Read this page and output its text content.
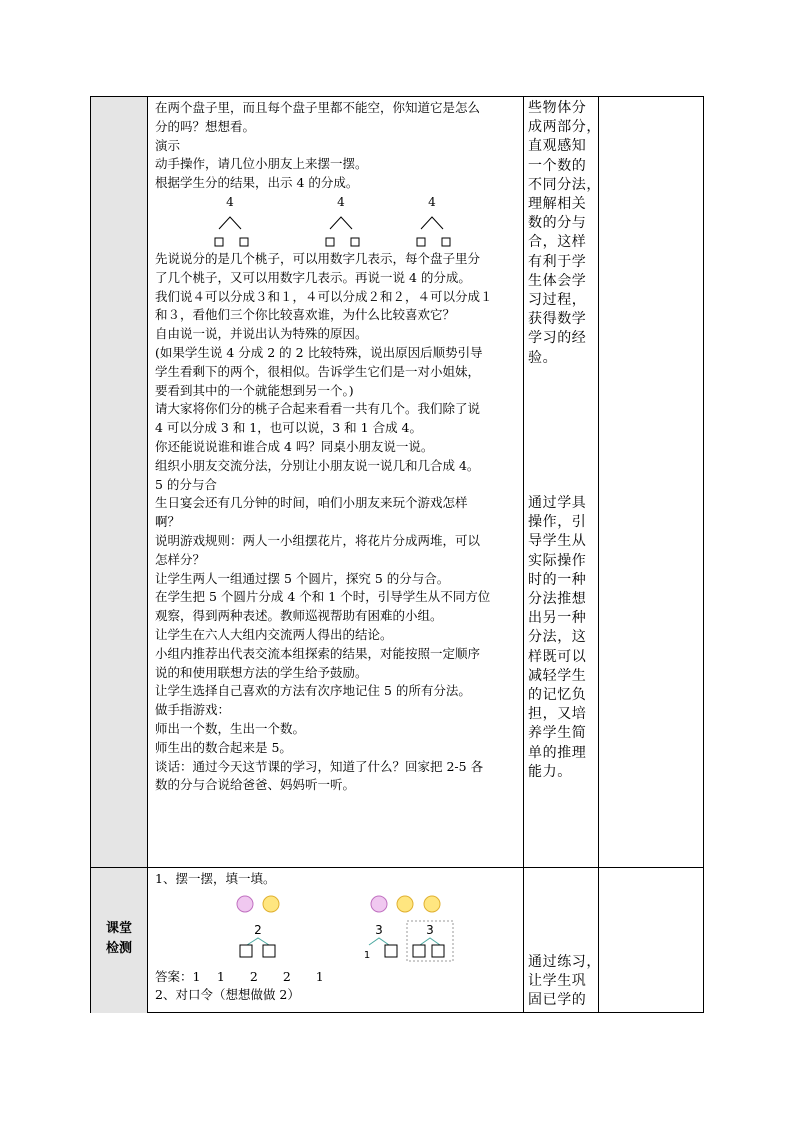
在两个盘子里，而且每个盘子里都不能空，你知道它是怎么

分的吗？想想看。

演示

动手操作，请几位小朋友上来摆一摆。

根据学生分的结果，出示 4 的分成。

4	4	4

先说说分的是几个桃子，可以用数字几表示，每个盘子里分

了几个桃子，又可以用数字几表示。再说一说 4 的分成。

我们说４可以分成３和１，４可以分成２和２，４可以分成１

和３，看他们三个你比较喜欢谁，为什么比较喜欢它？

自由说一说，并说出认为特殊的原因。

(如果学生说 4 分成 2 的 2 比较特殊，说出原因后顺势引导

学生看剩下的两个，很相似。告诉学生它们是一对小姐妹，

要看到其中的一个就能想到另一个。)

请大家将你们分的桃子合起来看看一共有几个。我们除了说

4 可以分成 3 和 1，也可以说，3 和 1 合成 4。

你还能说说谁和谁合成 4 吗？同桌小朋友说一说。

组织小朋友交流分法，分别让小朋友说一说几和几合成 4。

5 的分与合

生日宴会还有几分钟的时间，咱们小朋友来玩个游戏怎样

啊？

说明游戏规则：两人一小组摆花片，将花片分成两堆，可以

怎样分？

让学生两人一组通过摆 5 个圆片，探究 5 的分与合。

在学生把 5 个圆片分成 4 个和 1 个时，引导学生从不同方位

观察，得到两种表述。教师巡视帮助有困难的小组。

让学生在六人大组内交流两人得出的结论。

小组内推荐出代表交流本组探索的结果，对能按照一定顺序

说的和使用联想方法的学生给予鼓励。

让学生选择自己喜欢的方法有次序地记住 5 的所有分法。

做手指游戏：

师出一个数，生出一个数。

师生出的数合起来是 5。

谈话：通过今天这节课的学习，知道了什么？回家把 2-5 各

数的分与合说给爸爸、妈妈听一听。

些物体分

成两部分，

直观感知

一个数的

不同分法，

理解相关

数的分与

合，这样

有利于学

生体会学

习过程，

获得数学

学习的经

验。

通过学具

操作，引

导学生从

实际操作

时的一种

分法推想

出另一种

分法，这

样既可以

减轻学生

的记忆负

担，又培

养学生简

单的推理

能力。

课堂
检测

1、摆一摆，填一填。

2	3
1
3

答案：1　 1　　2　　2　　1

2、对口令（想想做做 2）

通过练习，

让学生巩

固已学的
